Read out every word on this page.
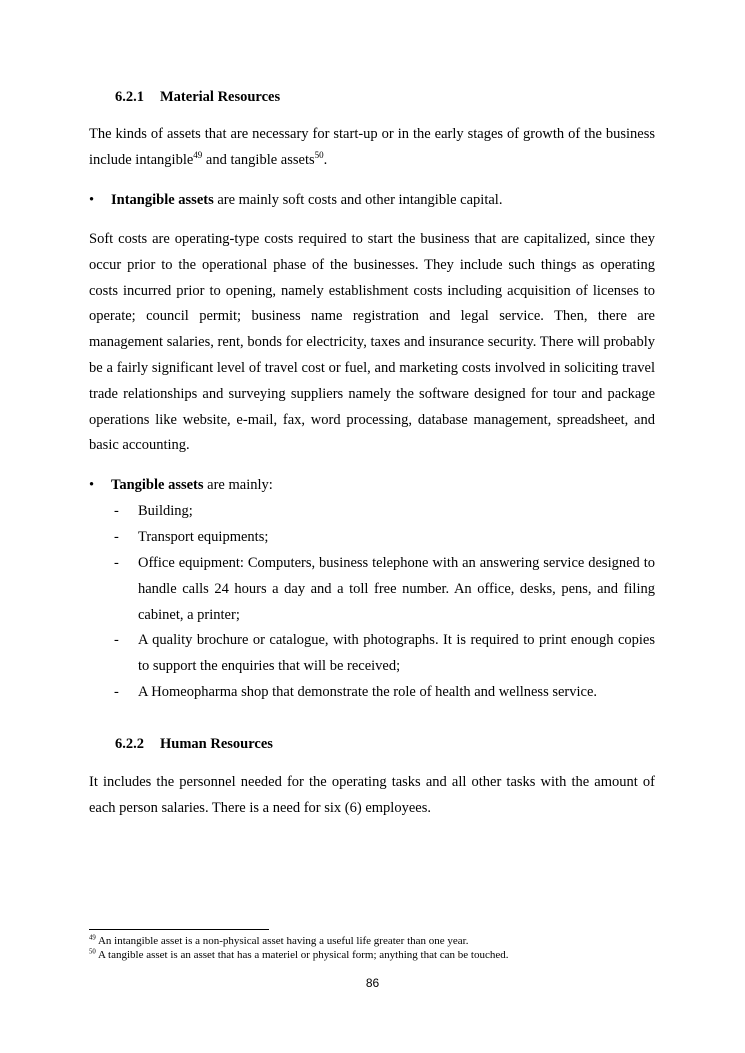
6.2.1 Material Resources

The kinds of assets that are necessary for start-up or in the early stages of growth of the business include intangible$^{49}$ and tangible assets$^{50}$.

•	Intangible assets are mainly soft costs and other intangible capital.

Soft costs are operating-type costs required to start the business that are capitalized, since they occur prior to the operational phase of the businesses. They include such things as operating costs incurred prior to opening, namely establishment costs including acquisition of licenses to operate; council permit; business name registration and legal service. Then, there are management salaries, rent, bonds for electricity, taxes and insurance security. There will probably be a fairly significant level of travel cost or fuel, and marketing costs involved in soliciting travel trade relationships and surveying suppliers namely the software designed for tour and package operations like website, e-mail, fax, word processing, database management, spreadsheet, and basic accounting.

•	Tangible assets are mainly:
-	Building;
-	Transport equipments;
-	Office equipment: Computers, business telephone with an answering service designed to handle calls 24 hours a day and a toll free number. An office, desks, pens, and filing cabinet, a printer;
-	A quality brochure or catalogue, with photographs. It is required to print enough copies to support the enquiries that will be received;
-	A Homeopharma shop that demonstrate the role of health and wellness service.
6.2.2 Human Resources

It includes the personnel needed for the operating tasks and all other tasks with the amount of each person salaries. There is a need for six (6) employees.

$^{49}$ An intangible asset is a non-physical asset having a useful life greater than one year.
$^{50}$ A tangible asset is an asset that has a materiel or physical form; anything that can be touched.
86
